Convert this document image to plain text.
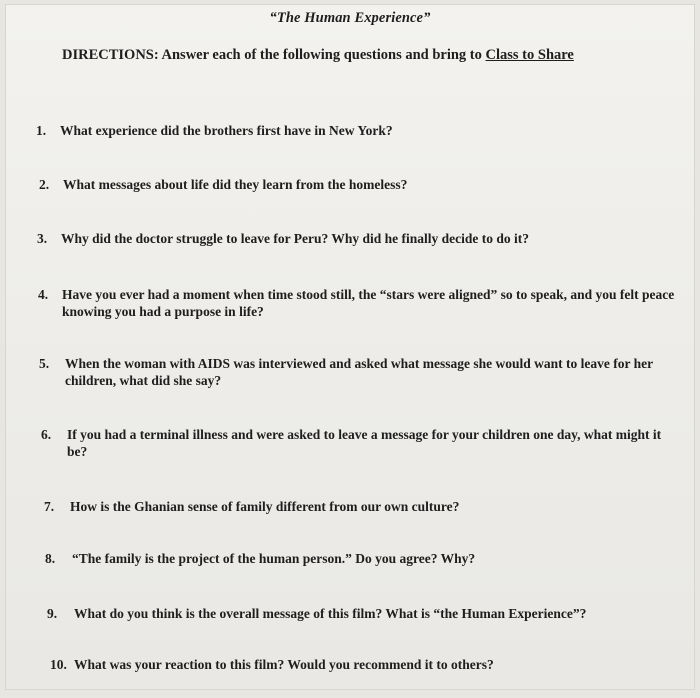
“The Human Experience”
DIRECTIONS: Answer each of the following questions and bring to Class to Share
1.	What experience did the brothers first have in New York?
2.	What messages about life did they learn from the homeless?
3.	Why did the doctor struggle to leave for Peru? Why did he finally decide to do it?
4.	Have you ever had a moment when time stood still, the “stars were aligned” so to speak, and you felt peace knowing you had a purpose in life?
5.	When the woman with AIDS was interviewed and asked what message she would want to leave for her children, what did she say?
6.	If you had a terminal illness and were asked to leave a message for your children one day, what might it be?
7.	How is the Ghanian sense of family different from our own culture?
8.	“The family is the project of the human person.” Do you agree? Why?
9.	What do you think is the overall message of this film? What is “the Human Experience”?
10. What was your reaction to this film? Would you recommend it to others?
